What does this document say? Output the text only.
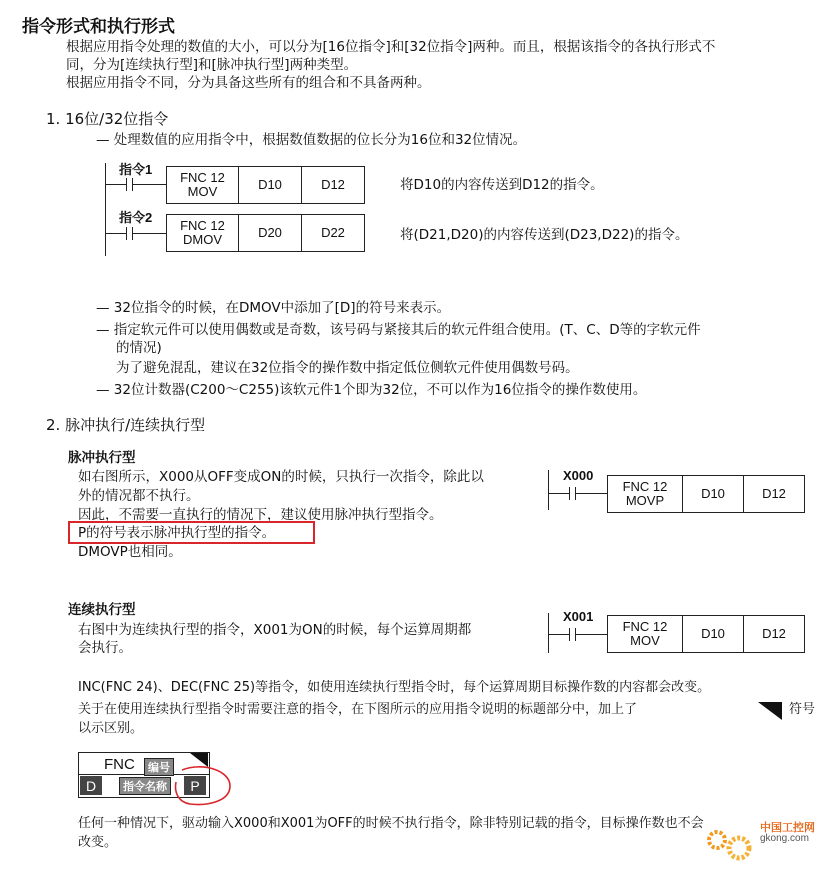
指令形式和执行形式
根据应用指令处理的数值的大小，可以分为[16位指令]和[32位指令]两种。而且，根据该指令的各执行形式不
同，分为[连续执行型]和[脉冲执行型]两种类型。
根据应用指令不同，分为具备这些所有的组合和不具备两种。
1. 16位/32位指令
— 处理数值的应用指令中，根据数值数据的位长分为16位和32位情况。
指令1
FNC 12
MOV	D10	D12	将D10的内容传送到D12的指令。
指令2
FNC 12
DMOV	D20	D22	将(D21,D20)的内容传送到(D23,D22)的指令。
— 32位指令的时候，在DMOV中添加了[D]的符号来表示。
— 指定软元件可以使用偶数或是奇数，该号码与紧接其后的软元件组合使用。(T、C、D等的字软元件
的情况)
为了避免混乱，建议在32位指令的操作数中指定低位侧软元件使用偶数号码。
— 32位计数器(C200～C255)该软元件1个即为32位，不可以作为16位指令的操作数使用。
2. 脉冲执行/连续执行型
脉冲执行型
如右图所示，X000从OFF变成ON的时候，只执行一次指令，除此以
外的情况都不执行。
因此，不需要一直执行的情况下，建议使用脉冲执行型指令。
P的符号表示脉冲执行型的指令。
DMOVP也相同。
X000
FNC 12
MOVP	D10	D12
连续执行型
右图中为连续执行型的指令，X001为ON的时候，每个运算周期都
会执行。
X001
FNC 12
MOV	D10	D12
INC(FNC 24)、DEC(FNC 25)等指令，如使用连续执行型指令时，每个运算周期目标操作数的内容都会改变。
关于在使用连续执行型指令时需要注意的指令，在下图所示的应用指令说明的标题部分中，加上了	符号
以示区别。
FNC	编号
D	指令名称	P
任何一种情况下，驱动输入X000和X001为OFF的时候不执行指令，除非特别记载的指令，目标操作数也不会
改变。
中国工控网
gkong.com
